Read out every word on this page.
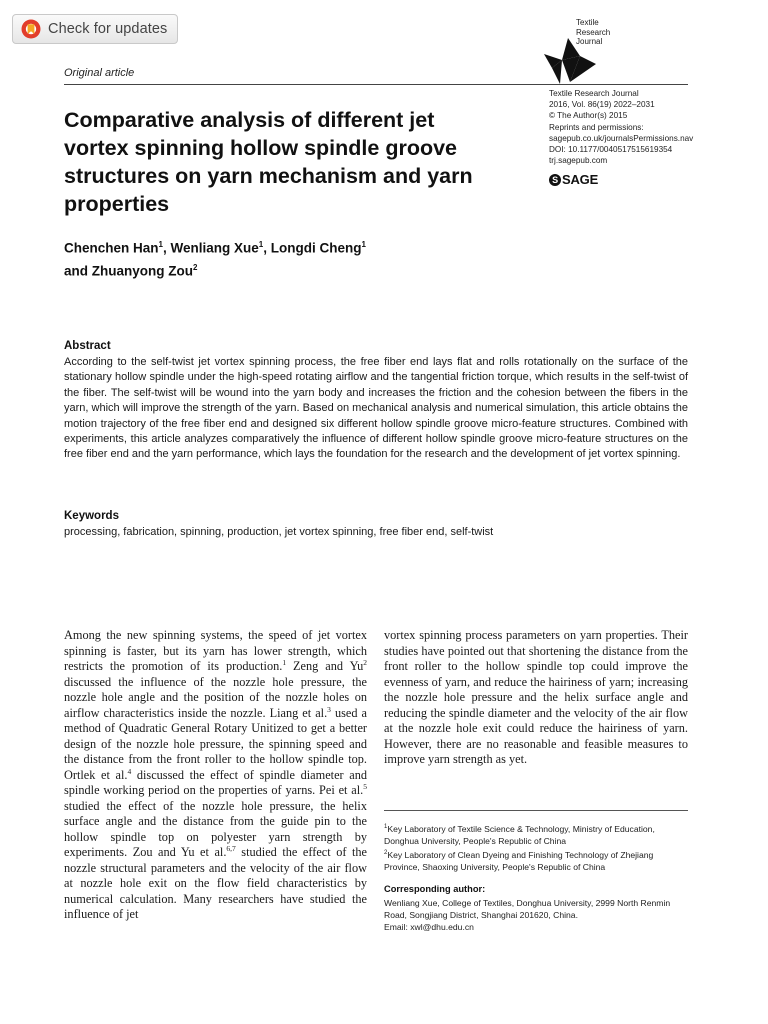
Check for updates	Textile
Research
Journal
Original article
Textile Research Journal
2016, Vol. 86(19) 2022–2031
© The Author(s) 2015
Reprints and permissions:
sagepub.co.uk/journalsPermissions.nav
DOI: 10.1177/0040517515619354
trj.sagepub.com
S SAGE
Comparative analysis of different jet vortex spinning hollow spindle groove structures on yarn mechanism and yarn properties
Chenchen Han$^1$, Wenliang Xue$^1$, Longdi Cheng$^1$
and Zhuanyong Zou$^2$
Abstract
According to the self-twist jet vortex spinning process, the free fiber end lays flat and rolls rotationally on the surface of the stationary hollow spindle under the high-speed rotating airflow and the tangential friction torque, which results in the self-twist of the fiber. The self-twist will be wound into the yarn body and increases the friction and the cohesion between the fibers in the yarn, which will improve the strength of the yarn. Based on mechanical analysis and numerical simulation, this article obtains the motion trajectory of the free fiber end and designed six different hollow spindle groove micro-feature structures. Combined with experiments, this article analyzes comparatively the influence of different hollow spindle groove micro-feature structures on the free fiber end and the yarn performance, which lays the foundation for the research and the development of jet vortex spinning.
Keywords
processing, fabrication, spinning, production, jet vortex spinning, free fiber end, self-twist
Among the new spinning systems, the speed of jet vortex spinning is faster, but its yarn has lower strength, which restricts the promotion of its production.$^1$ Zeng and Yu$^2$ discussed the influence of the nozzle hole pressure, the nozzle hole angle and the position of the nozzle holes on airflow characteristics inside the nozzle. Liang et al.$^3$ used a method of Quadratic General Rotary Unitized to get a better design of the nozzle hole pressure, the spinning speed and the distance from the front roller to the hollow spindle top. Ortlek et al.$^4$ discussed the effect of spindle diameter and spindle working period on the properties of yarns. Pei et al.$^5$ studied the effect of the nozzle hole pressure, the helix surface angle and the distance from the guide pin to the hollow spindle top on polyester yarn strength by experiments. Zou and Yu et al.$^{6,7}$ studied the effect of the nozzle structural parameters and the velocity of the air flow at nozzle hole exit on the flow field characteristics by numerical calculation. Many researchers have studied the influence of jet
vortex spinning process parameters on yarn properties. Their studies have pointed out that shortening the distance from the front roller to the hollow spindle top could improve the evenness of yarn, and reduce the hairiness of yarn; increasing the nozzle hole pressure and the helix surface angle and reducing the spindle diameter and the velocity of the air flow at the nozzle hole exit could reduce the hairiness of yarn. However, there are no reasonable and feasible measures to improve yarn strength as yet.
$^1$Key Laboratory of Textile Science & Technology, Ministry of Education, Donghua University, People's Republic of China
$^2$Key Laboratory of Clean Dyeing and Finishing Technology of Zhejiang Province, Shaoxing University, People's Republic of China
Corresponding author:
Wenliang Xue, College of Textiles, Donghua University, 2999 North Renmin Road, Songjiang District, Shanghai 201620, China.
Email: xwl@dhu.edu.cn
